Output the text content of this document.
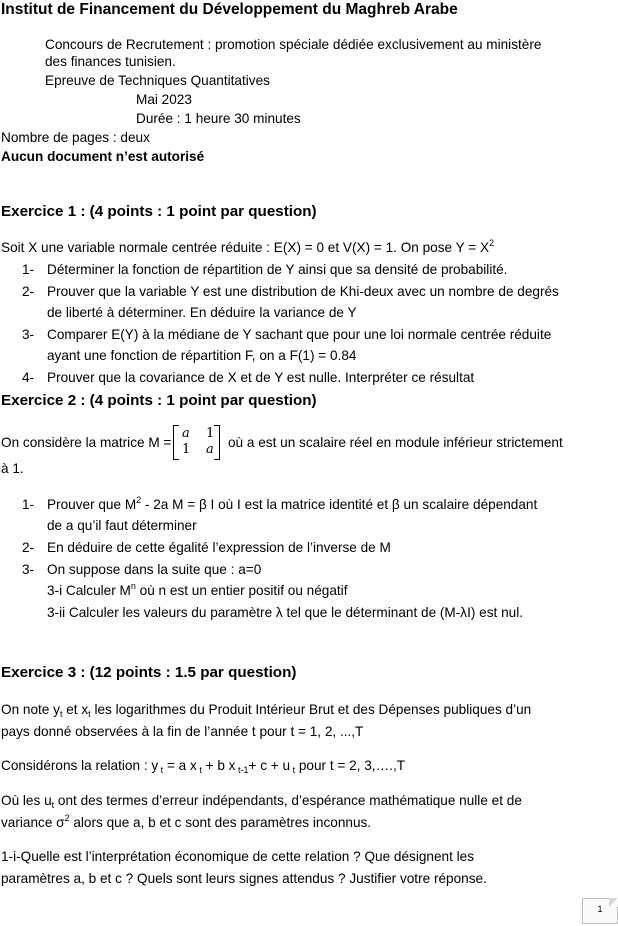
Institut de Financement du Développement du Maghreb Arabe
Concours de Recrutement : promotion spéciale dédiée exclusivement au ministère
des finances tunisien.
Epreuve de Techniques Quantitatives
Mai 2023
Durée : 1 heure 30 minutes
Nombre de pages : deux
Aucun document n’est autorisé
Exercice 1 : (4 points : 1 point par question)
Soit X une variable normale centrée réduite : E(X) = 0 et V(X) = 1. On pose $Y = X^2$
1- Déterminer la fonction de répartition de Y ainsi que sa densité de probabilité.
2- Prouver que la variable Y est une distribution de Khi-deux avec un nombre de degrés
de liberté à déterminer. En déduire la variance de Y
3- Comparer E(Y) à la médiane de Y sachant que pour une loi normale centrée réduite
ayant une fonction de répartition F, on a F(1) = 0.84
4- Prouver que la covariance de X et de Y est nulle. Interpréter ce résultat
Exercice 2 : (4 points : 1 point par question)
On considère la matrice M =
a 1
1 a où a est un scalaire réel en module inférieur strictement
à 1.
1- Prouver que $M^2 - 2a$ M = β I où I est la matrice identité et β un scalaire dépendant
de a qu’il faut déterminer
2- En déduire de cette égalité l’expression de l’inverse de M
3- On suppose dans la suite que : a=0
3-i Calculer $M^n$ où n est un entier positif ou négatif
3-ii Calculer les valeurs du paramètre λ tel que le déterminant de (M-λI) est nul.
Exercice 3 : (12 points : 1.5 par question)
On note $y_t$ et $x_t$ les logarithmes du Produit Intérieur Brut et des Dépenses publiques d’un
pays donné observées à la fin de l’année t pour t = 1, 2, ...,T
Considérons la relation : y $_t$ = a x $_t$ + b x $_{t-1}$+ c + u $_t$ pour t = 2, 3,….,T
Où les $u_t$ ont des termes d’erreur indépendants, d’espérance mathématique nulle et de
variance $\sigma^2$ alors que a, b et c sont des paramètres inconnus.
1-i-Quelle est l’interprétation économique de cette relation ? Que désignent les
paramètres a, b et c ? Quels sont leurs signes attendus ? Justifier votre réponse.
1
